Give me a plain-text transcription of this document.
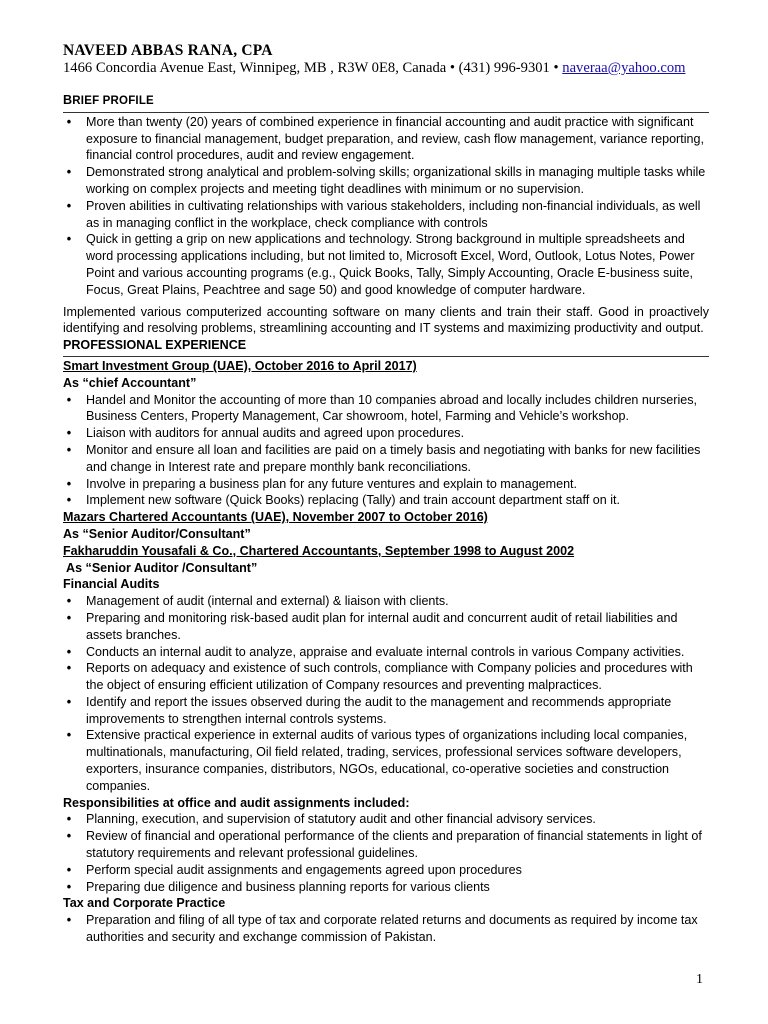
NAVEED ABBAS RANA, CPA
1466 Concordia Avenue East, Winnipeg, MB , R3W 0E8, Canada • (431) 996-9301 • naveraa@yahoo.com
BRIEF PROFILE
•	More than twenty (20) years of combined experience in financial accounting and audit practice with significant exposure to financial management, budget preparation, and review, cash flow management, variance reporting, financial control procedures, audit and review engagement.
•	Demonstrated strong analytical and problem-solving skills; organizational skills in managing multiple tasks while working on complex projects and meeting tight deadlines with minimum or no supervision.
•	Proven abilities in cultivating relationships with various stakeholders, including non-financial individuals, as well as in managing conflict in the workplace, check compliance with controls
•	Quick in getting a grip on new applications and technology. Strong background in multiple spreadsheets and word processing applications including, but not limited to, Microsoft Excel, Word, Outlook, Lotus Notes, Power Point and various accounting programs (e.g., Quick Books, Tally, Simply Accounting, Oracle E-business suite, Focus, Great Plains, Peachtree and sage 50) and good knowledge of computer hardware.
Implemented various computerized accounting software on many clients and train their staff. Good in proactively identifying and resolving problems, streamlining accounting and IT systems and maximizing productivity and output.
PROFESSIONAL EXPERIENCE
Smart Investment Group (UAE), October 2016 to April 2017)
As “chief Accountant”
•	Handel and Monitor the accounting of more than 10 companies abroad and locally includes children nurseries, Business Centers, Property Management, Car showroom, hotel, Farming and Vehicle’s workshop.
•	Liaison with auditors for annual audits and agreed upon procedures.
•	Monitor and ensure all loan and facilities are paid on a timely basis and negotiating with banks for new facilities and change in Interest rate and prepare monthly bank reconciliations.
•	Involve in preparing a business plan for any future ventures and explain to management.
•	Implement new software (Quick Books) replacing (Tally) and train account department staff on it.
Mazars Chartered Accountants (UAE), November 2007 to October 2016)
As “Senior Auditor/Consultant”
Fakharuddin Yousafali & Co., Chartered Accountants, September 1998 to August 2002
As “Senior Auditor /Consultant”
Financial Audits
•	Management of audit (internal and external) & liaison with clients.
•	Preparing and monitoring risk-based audit plan for internal audit and concurrent audit of retail liabilities and assets branches.
•	Conducts an internal audit to analyze, appraise and evaluate internal controls in various Company activities.
•	Reports on adequacy and existence of such controls, compliance with Company policies and procedures with the object of ensuring efficient utilization of Company resources and preventing malpractices.
•	Identify and report the issues observed during the audit to the management and recommends appropriate improvements to strengthen internal controls systems.
•	Extensive practical experience in external audits of various types of organizations including local companies, multinationals, manufacturing, Oil field related, trading, services, professional services software developers, exporters, insurance companies, distributors, NGOs, educational, co-operative societies and construction companies.
Responsibilities at office and audit assignments included:
•	Planning, execution, and supervision of statutory audit and other financial advisory services.
•	Review of financial and operational performance of the clients and preparation of financial statements in light of statutory requirements and relevant professional guidelines.
•	Perform special audit assignments and engagements agreed upon procedures
•	Preparing due diligence and business planning reports for various clients
Tax and Corporate Practice
•	Preparation and filing of all type of tax and corporate related returns and documents as required by income tax authorities and security and exchange commission of Pakistan.
1
